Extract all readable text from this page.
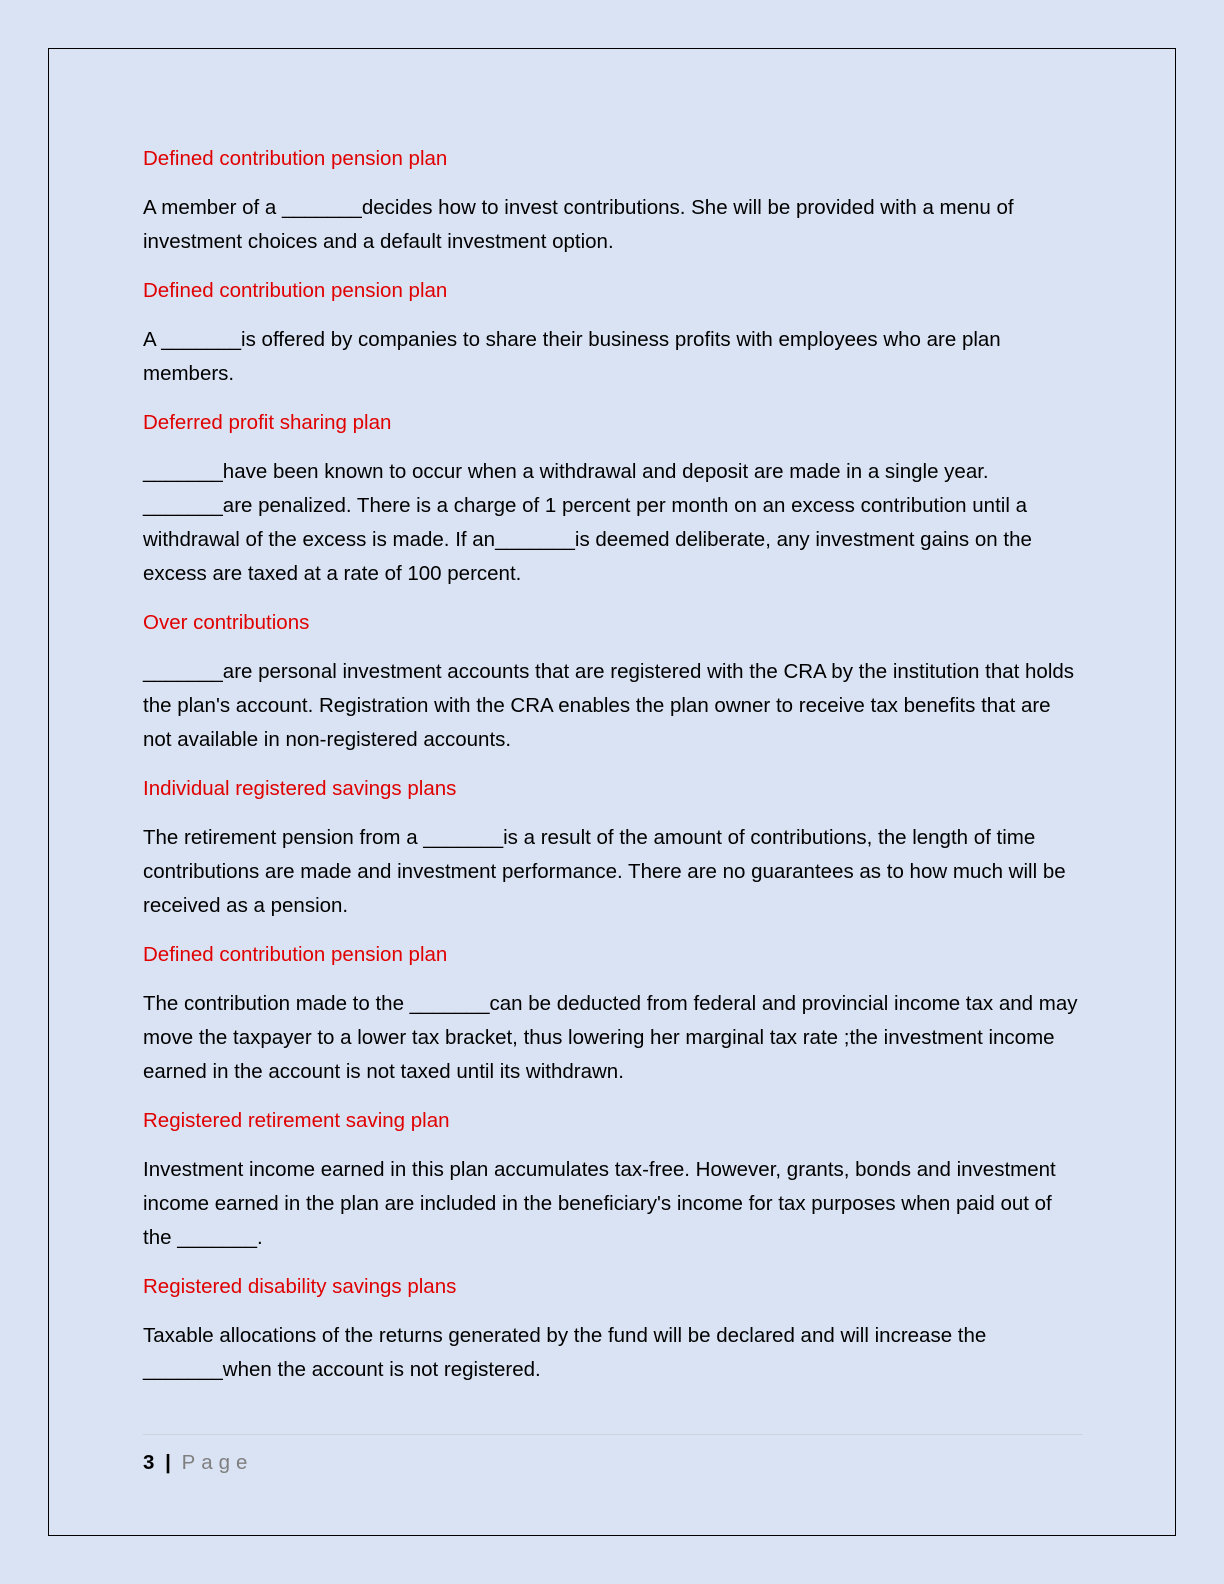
Defined contribution pension plan

A member of a _______decides how to invest contributions. She will be provided with a menu of investment choices and a default investment option.

Defined contribution pension plan

A _______is offered by companies to share their business profits with employees who are plan members.

Deferred profit sharing plan

_______have been known to occur when a withdrawal and deposit are made in a single year. _______are penalized. There is a charge of 1 percent per month on an excess contribution until a withdrawal of the excess is made. If an_______is deemed deliberate, any investment gains on the excess are taxed at a rate of 100 percent.

Over contributions

_______are personal investment accounts that are registered with the CRA by the institution that holds the plan's account. Registration with the CRA enables the plan owner to receive tax benefits that are not available in non-registered accounts.

Individual registered savings plans

The retirement pension from a _______is a result of the amount of contributions, the length of time contributions are made and investment performance. There are no guarantees as to how much will be received as a pension.

Defined contribution pension plan

The contribution made to the _______can be deducted from federal and provincial income tax and may move the taxpayer to a lower tax bracket, thus lowering her marginal tax rate ;the investment income earned in the account is not taxed until its withdrawn.

Registered retirement saving plan

Investment income earned in this plan accumulates tax-free. However, grants, bonds and investment income earned in the plan are included in the beneficiary's income for tax purposes when paid out of the _______.

Registered disability savings plans

Taxable allocations of the returns generated by the fund will be declared and will increase the _______when the account is not registered.

3 | Page
